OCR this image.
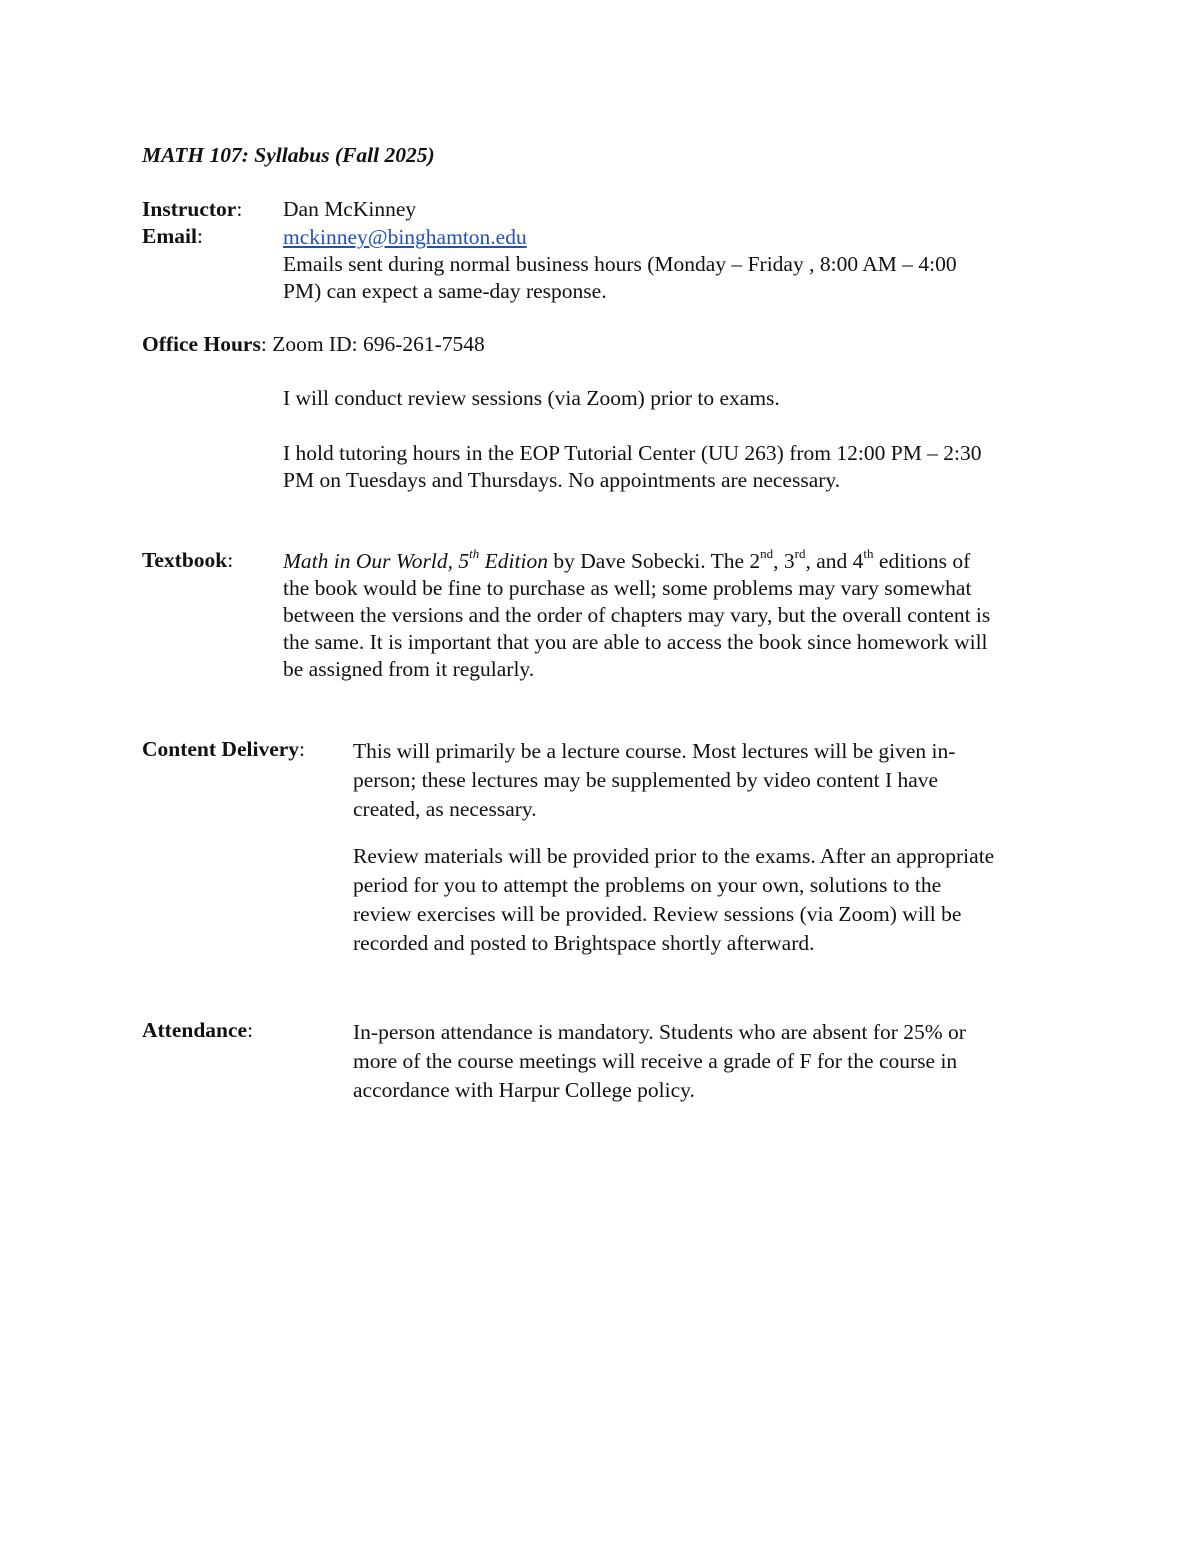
MATH 107: Syllabus (Fall 2025)
Instructor: Dan McKinney
Email:	mckinney@binghamton.edu
Emails sent during normal business hours (Monday – Friday , 8:00 AM – 4:00
PM) can expect a same-day response.
Office Hours: Zoom ID: 696-261-7548
I will conduct review sessions (via Zoom) prior to exams.
I hold tutoring hours in the EOP Tutorial Center (UU 263) from 12:00 PM – 2:30
PM on Tuesdays and Thursdays. No appointments are necessary.
Textbook: Math in Our World, 5th Edition by Dave Sobecki. The 2nd, 3rd, and 4th editions of
the book would be fine to purchase as well; some problems may vary somewhat
between the versions and the order of chapters may vary, but the overall content is
the same. It is important that you are able to access the book since homework will
be assigned from it regularly.
Content Delivery: This will primarily be a lecture course. Most lectures will be given in-
person; these lectures may be supplemented by video content I have
created, as necessary.
Review materials will be provided prior to the exams. After an appropriate
period for you to attempt the problems on your own, solutions to the
review exercises will be provided. Review sessions (via Zoom) will be
recorded and posted to Brightspace shortly afterward.
Attendance:	In-person attendance is mandatory. Students who are absent for 25% or
more of the course meetings will receive a grade of F for the course in
accordance with Harpur College policy.
